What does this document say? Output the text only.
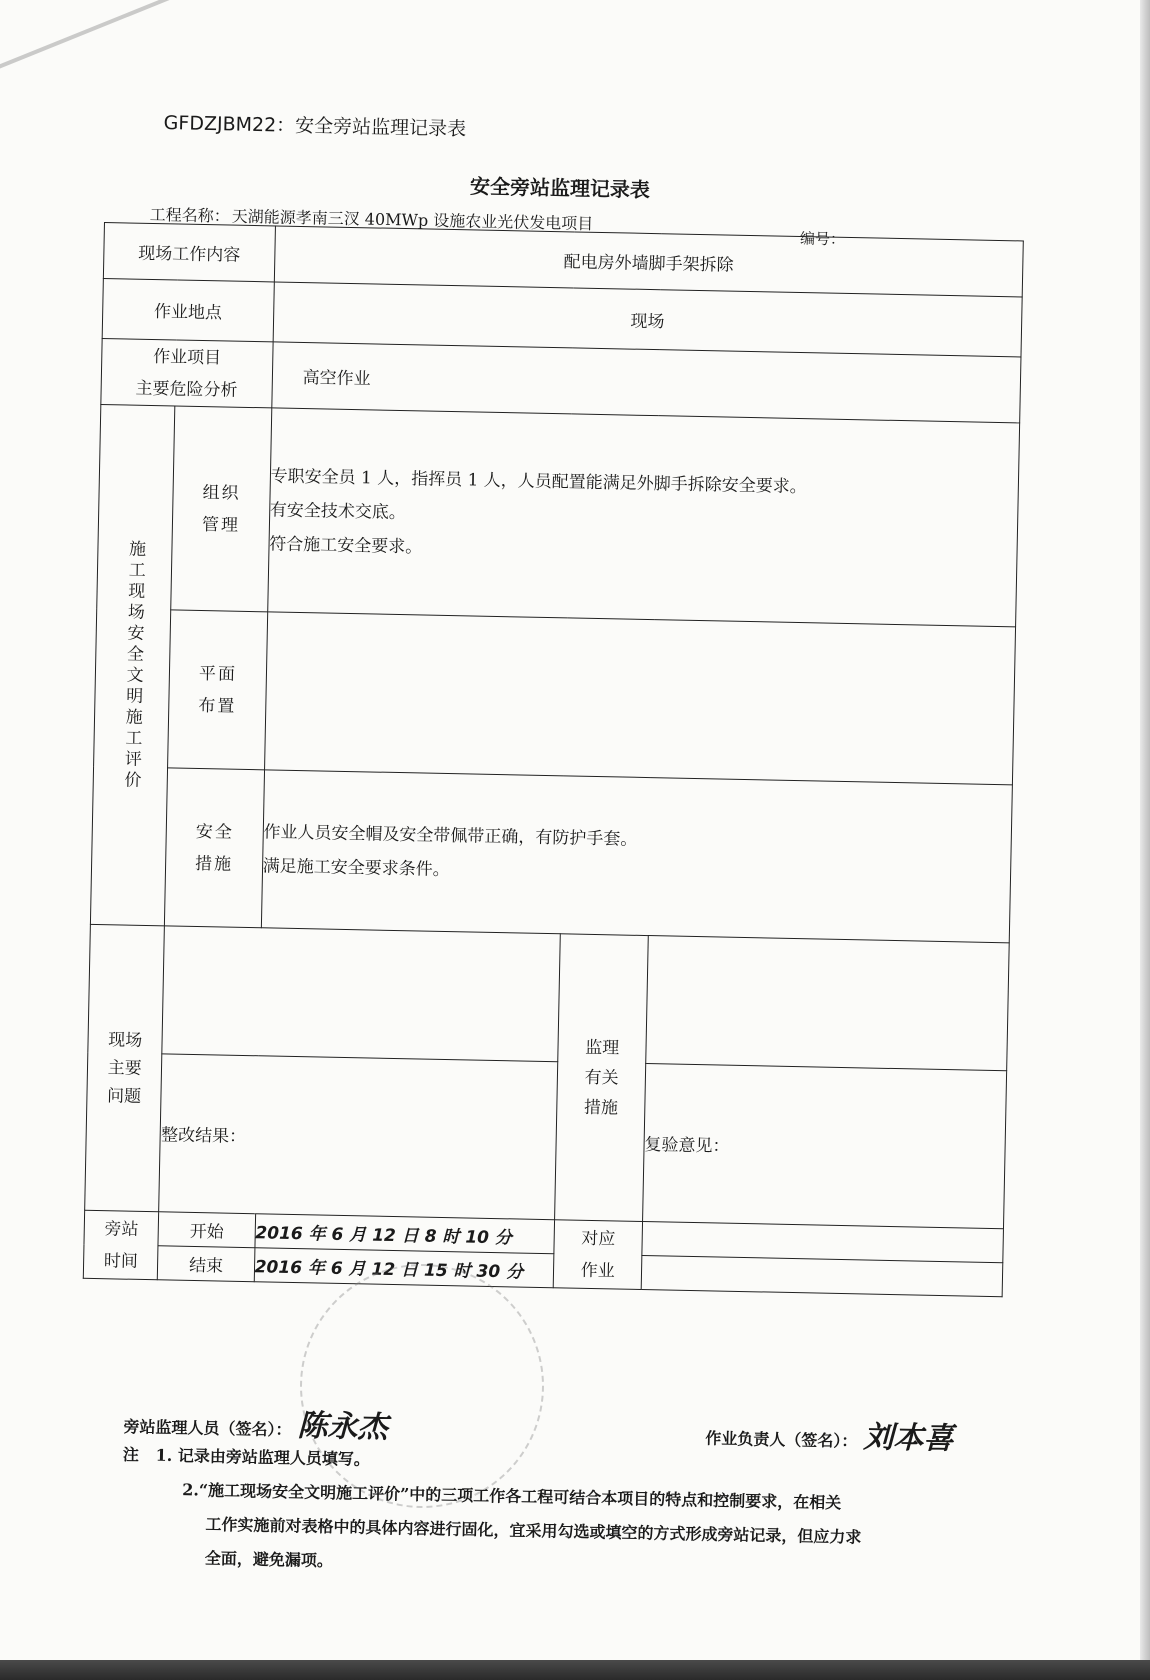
GFDZJBM22：安全旁站监理记录表
安全旁站监理记录表
工程名称： 天湖能源孝南三汊 40MWp 设施农业光伏发电项目
编号：
现场工作内容		配电房外墙脚手架拆除		
作业地点		现场		

作业项目
主要危险分析		高空作业		

施工现场安全文明施工评价	组织管理	专职安全员 1 人，指挥员 1 人，人员配置能满足外脚手拆除安全要求。
有安全技术交底。
符合施工安全要求。		

	平面布置			

	安全措施	作业人员安全帽及安全带佩带正确，有防护手套。
满足施工安全要求条件。		

现场主要问题			监理有关措施	

	整改结果：			复验意见：

旁站时间	开始	2016 年 6 月 12 日 8 时 10 分	对应作业	

	结束	2016 年 6 月 12 日 15 时 30 分		
旁站监理人员（签名）： 陈永杰	作业负责人（签名）： 刘本喜
注 1. 记录由旁站监理人员填写。
2.“施工现场安全文明施工评价”中的三项工作各工程可结合本项目的特点和控制要求，在相关
工作实施前对表格中的具体内容进行固化，宜采用勾选或填空的方式形成旁站记录，但应力求
全面，避免漏项。
